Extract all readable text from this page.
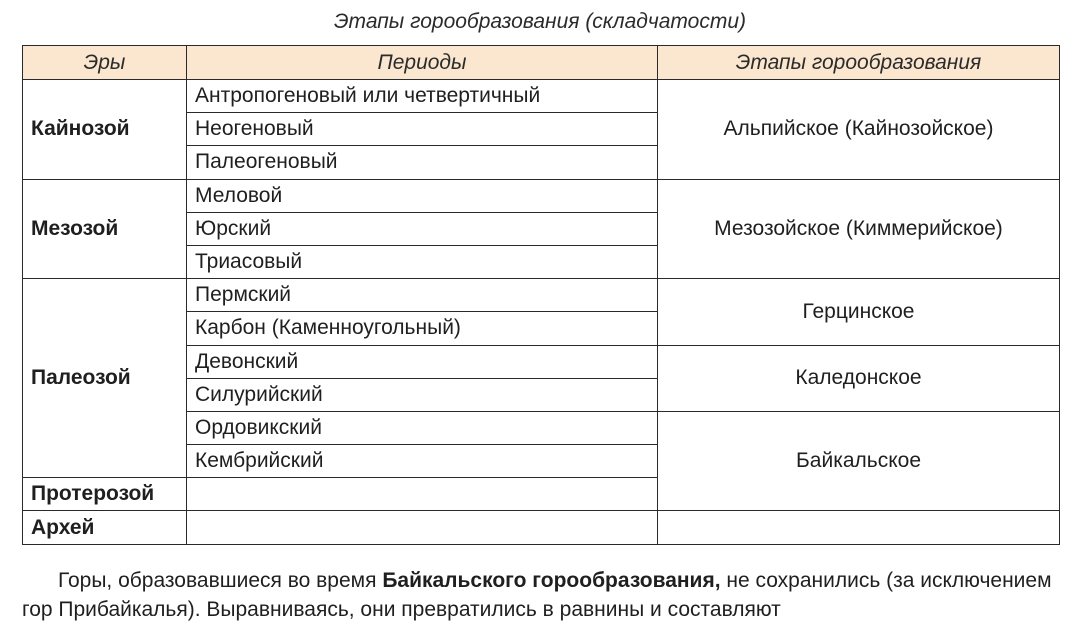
Этапы горообразования (складчатости)
Эры	Периоды	Этапы горообразования
Кайнозой	Антропогеновый или четвертичный	Альпийское (Кайнозойское)
	Неогеновый	
	Палеогеновый	
Мезозой	Меловой	Мезозойское (Киммерийское)
	Юрский	
	Триасовый	
Палеозой	Пермский	Герцинское
	Карбон (Каменноугольный)	
	Девонский	Каледонское
	Силурийский	
	Ордовикский	Байкальское
	Кембрийский	
Протерозой		
Архей		
Горы, образовавшиеся во время Байкальского горообразования, не сохранились (за исключением гор Прибайкалья). Выравниваясь, они превратились в равнины и составляют
